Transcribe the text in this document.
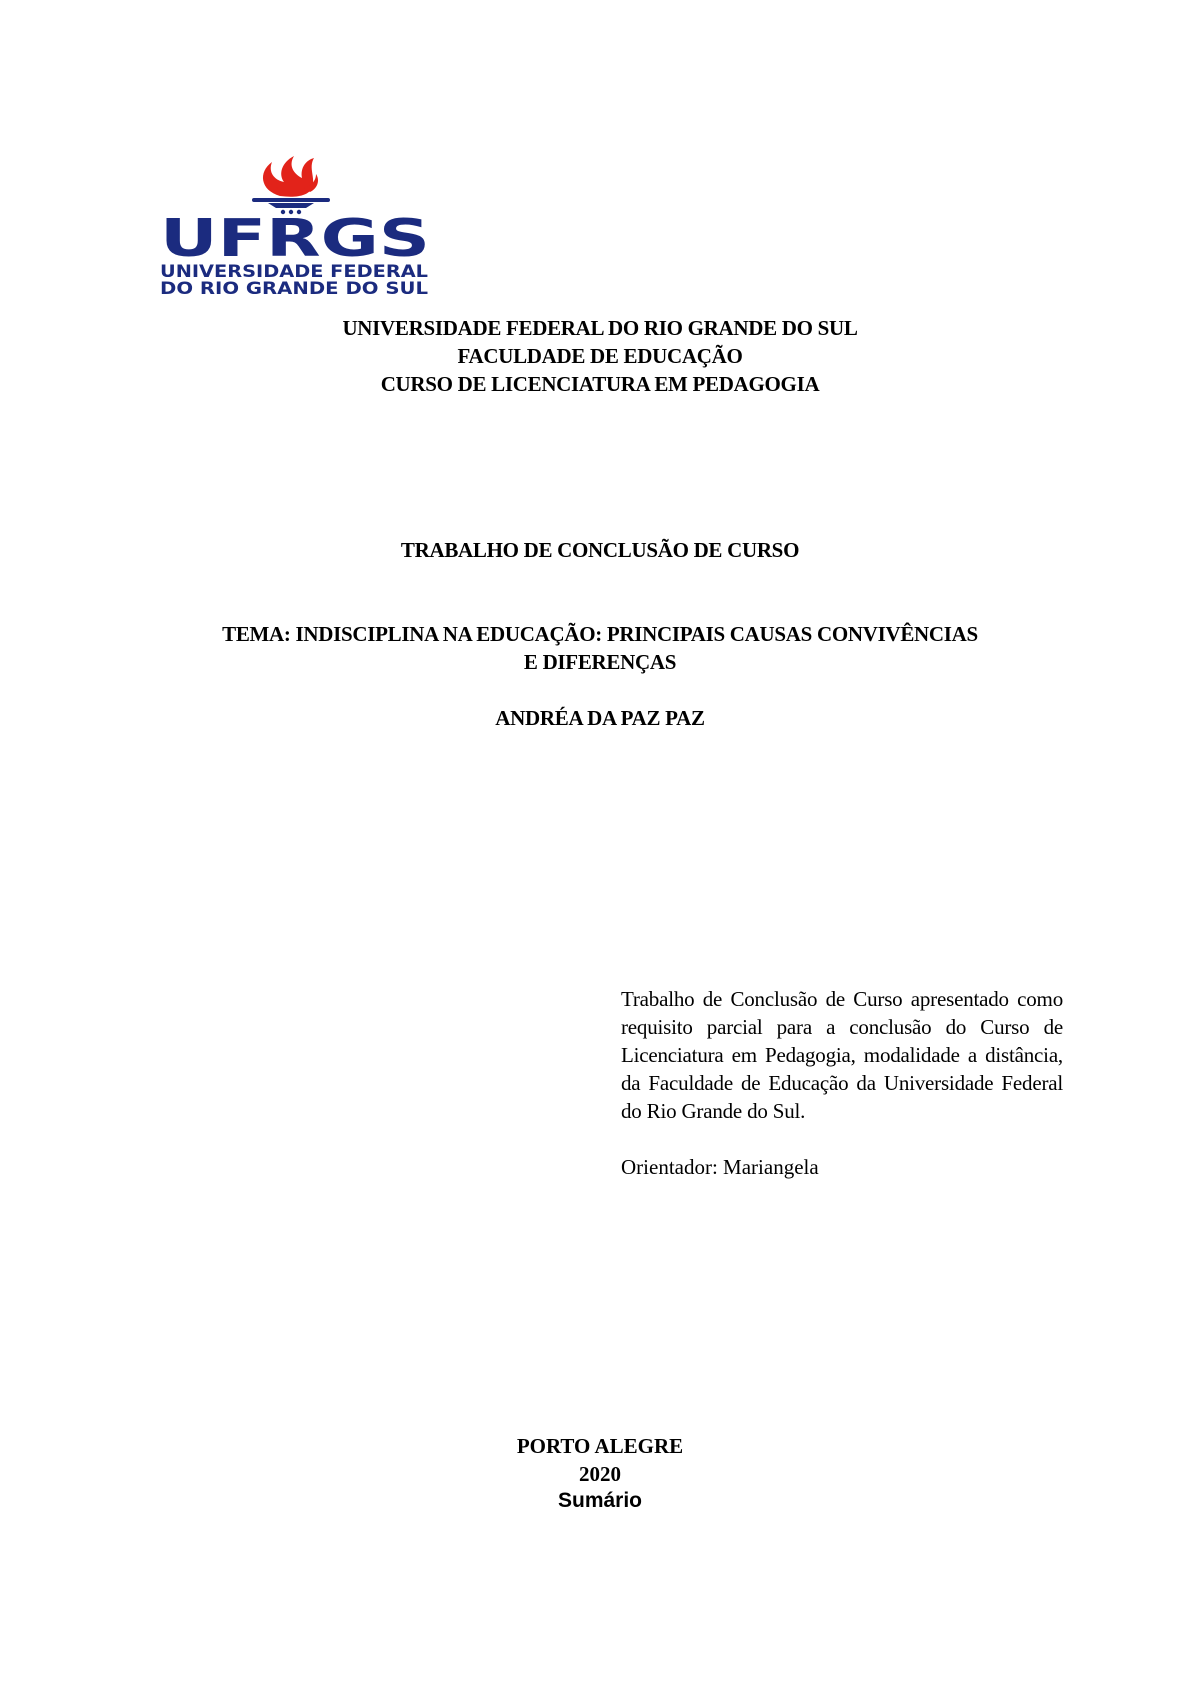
UFRGS
UNIVERSIDADE FEDERAL
DO RIO GRANDE DO SUL
UNIVERSIDADE FEDERAL DO RIO GRANDE DO SUL
FACULDADE DE EDUCAÇÃO
CURSO DE LICENCIATURA EM PEDAGOGIA
TRABALHO DE CONCLUSÃO DE CURSO
TEMA: INDISCIPLINA NA EDUCAÇÃO: PRINCIPAIS CAUSAS CONVIVÊNCIAS
E DIFERENÇAS
ANDRÉA DA PAZ PAZ
Trabalho de Conclusão de Curso apresentado como requisito parcial para a conclusão do Curso de Licenciatura em Pedagogia, modalidade a distância, da Faculdade de Educação da Universidade Federal do Rio Grande do Sul.
Orientador: Mariangela
PORTO ALEGRE
2020
Sumário
